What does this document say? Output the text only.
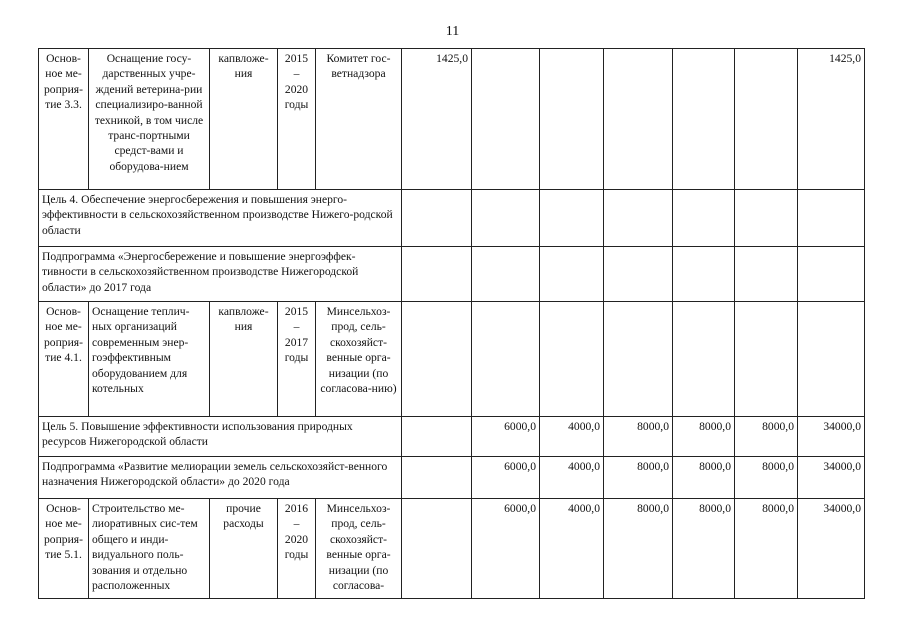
11
Основ-ное ме-роприя-тие 3.3.	Оснащение госу-дарственных учре-ждений ветерина-рии специализиро-ванной техникой, в том числе транс-портными средст-вами и оборудова-нием	капвложе-ния	2015 – 2020 годы	Комитет гос-ветнадзора	1425,0						1425,0
Цель 4. Обеспечение энергосбережения и повышения энерго-эффективности в сельскохозяйственном производстве Нижего-родской области											
Подпрограмма «Энергосбережение и повышение энергоэффек-тивности в сельскохозяйственном производстве Нижегородской области» до 2017 года											
Основ-ное ме-роприя-тие 4.1.	Оснащение теплич-ных организаций современным энер-гоэффективным оборудованием для котельных	капвложе-ния	2015 – 2017 годы	Минсельхоз-прод, сель-скохозяйст-венные орга-низации (по согласова-нию)							
Цель 5. Повышение эффективности использования природных ресурсов Нижегородской области						6000,0	4000,0	8000,0	8000,0	8000,0	34000,0
Подпрограмма «Развитие мелиорации земель сельскохозяйст-венного назначения Нижегородской области» до 2020 года						6000,0	4000,0	8000,0	8000,0	8000,0	34000,0
Основ-ное ме-роприя-тие 5.1.	Строительство ме-лиоративных сис-тем общего и инди-видуального поль-зования и отдельно расположенных	прочие расходы	2016 – 2020 годы	Минсельхоз-прод, сель-скохозяйст-венные орга-низации (по согласова-		6000,0	4000,0	8000,0	8000,0	8000,0	34000,0
